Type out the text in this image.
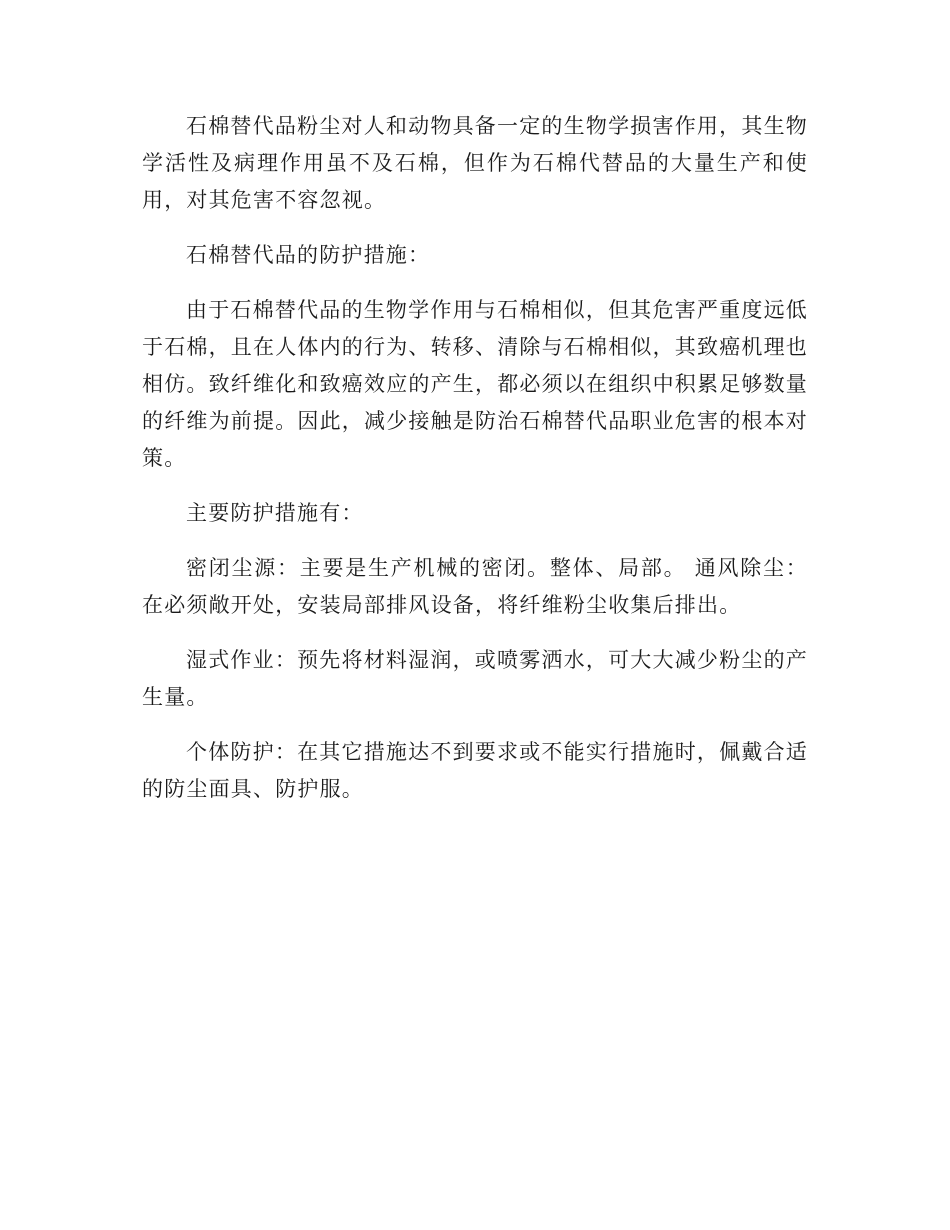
石棉替代品粉尘对人和动物具备一定的生物学损害作用，其生物学活性及病理作用虽不及石棉，但作为石棉代替品的大量生产和使用，对其危害不容忽视。

石棉替代品的防护措施：

由于石棉替代品的生物学作用与石棉相似，但其危害严重度远低于石棉，且在人体内的行为、转移、清除与石棉相似，其致癌机理也相仿。致纤维化和致癌效应的产生，都必须以在组织中积累足够数量的纤维为前提。因此，减少接触是防治石棉替代品职业危害的根本对策。

主要防护措施有：

密闭尘源：主要是生产机械的密闭。整体、局部。 通风除尘：在必须敞开处，安装局部排风设备，将纤维粉尘收集后排出。

湿式作业：预先将材料湿润，或喷雾洒水，可大大减少粉尘的产生量。

个体防护：在其它措施达不到要求或不能实行措施时，佩戴合适的防尘面具、防护服。
